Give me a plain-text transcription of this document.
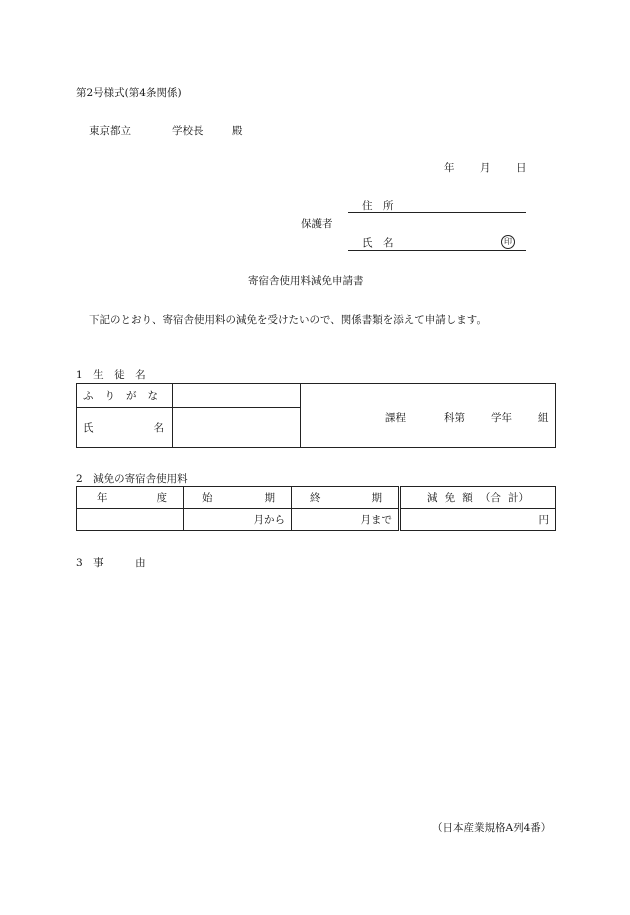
第2号様式(第4条関係)
東京都立	学校長	殿
年 月 日
保護者
住　所
氏　名	印
寄宿舎使用料減免申請書
下記のとおり、寄宿舎使用料の減免を受けたいので、関係書類を添えて申請します。
1　生　徒　名
ふ り が な		課程 科第 学年 組

氏 名		

2　減免の寄宿舎使用料
年 度	始 期	終 期	減 免 額 （合 計）

	月から	月まで	円
3　事　　　由
（日本産業規格A列4番）
